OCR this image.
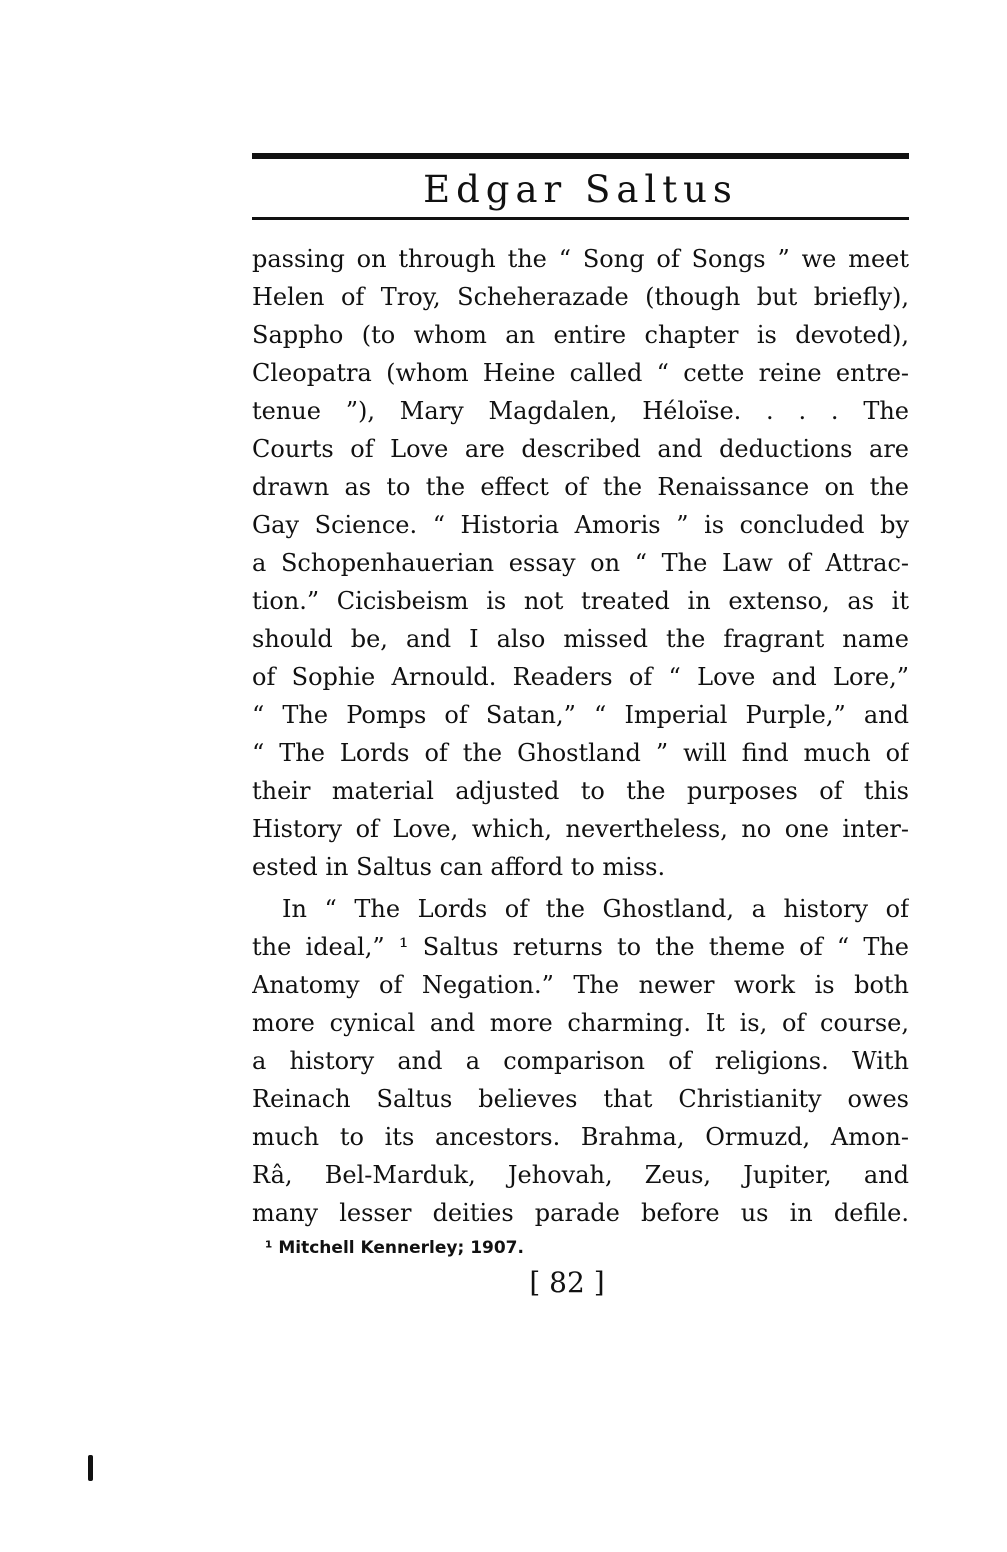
Edgar Saltus
passing on through the “ Song of Songs ” we meet
Helen of Troy, Scheherazade (though but briefly),
Sappho (to whom an entire chapter is devoted),
Cleopatra (whom Heine called “ cette reine entre-
tenue ”), Mary Magdalen, Héloïse. . . . The
Courts of Love are described and deductions are
drawn as to the effect of the Renaissance on the
Gay Science. “ Historia Amoris ” is concluded by
a Schopenhauerian essay on “ The Law of Attrac-
tion.” Cicisbeism is not treated in extenso, as it
should be, and I also missed the fragrant name
of Sophie Arnould. Readers of “ Love and Lore,”
“ The Pomps of Satan,” “ Imperial Purple,” and
“ The Lords of the Ghostland ” will find much of
their material adjusted to the purposes of this
History of Love, which, nevertheless, no one inter-
ested in Saltus can afford to miss.
In “ The Lords of the Ghostland, a history of
the ideal,” ¹ Saltus returns to the theme of “ The
Anatomy of Negation.” The newer work is both
more cynical and more charming. It is, of course,
a history and a comparison of religions. With
Reinach Saltus believes that Christianity owes
much to its ancestors. Brahma, Ormuzd, Amon-
Râ, Bel-Marduk, Jehovah, Zeus, Jupiter, and
many lesser deities parade before us in defile.
¹ Mitchell Kennerley; 1907.
[ 82 ]
